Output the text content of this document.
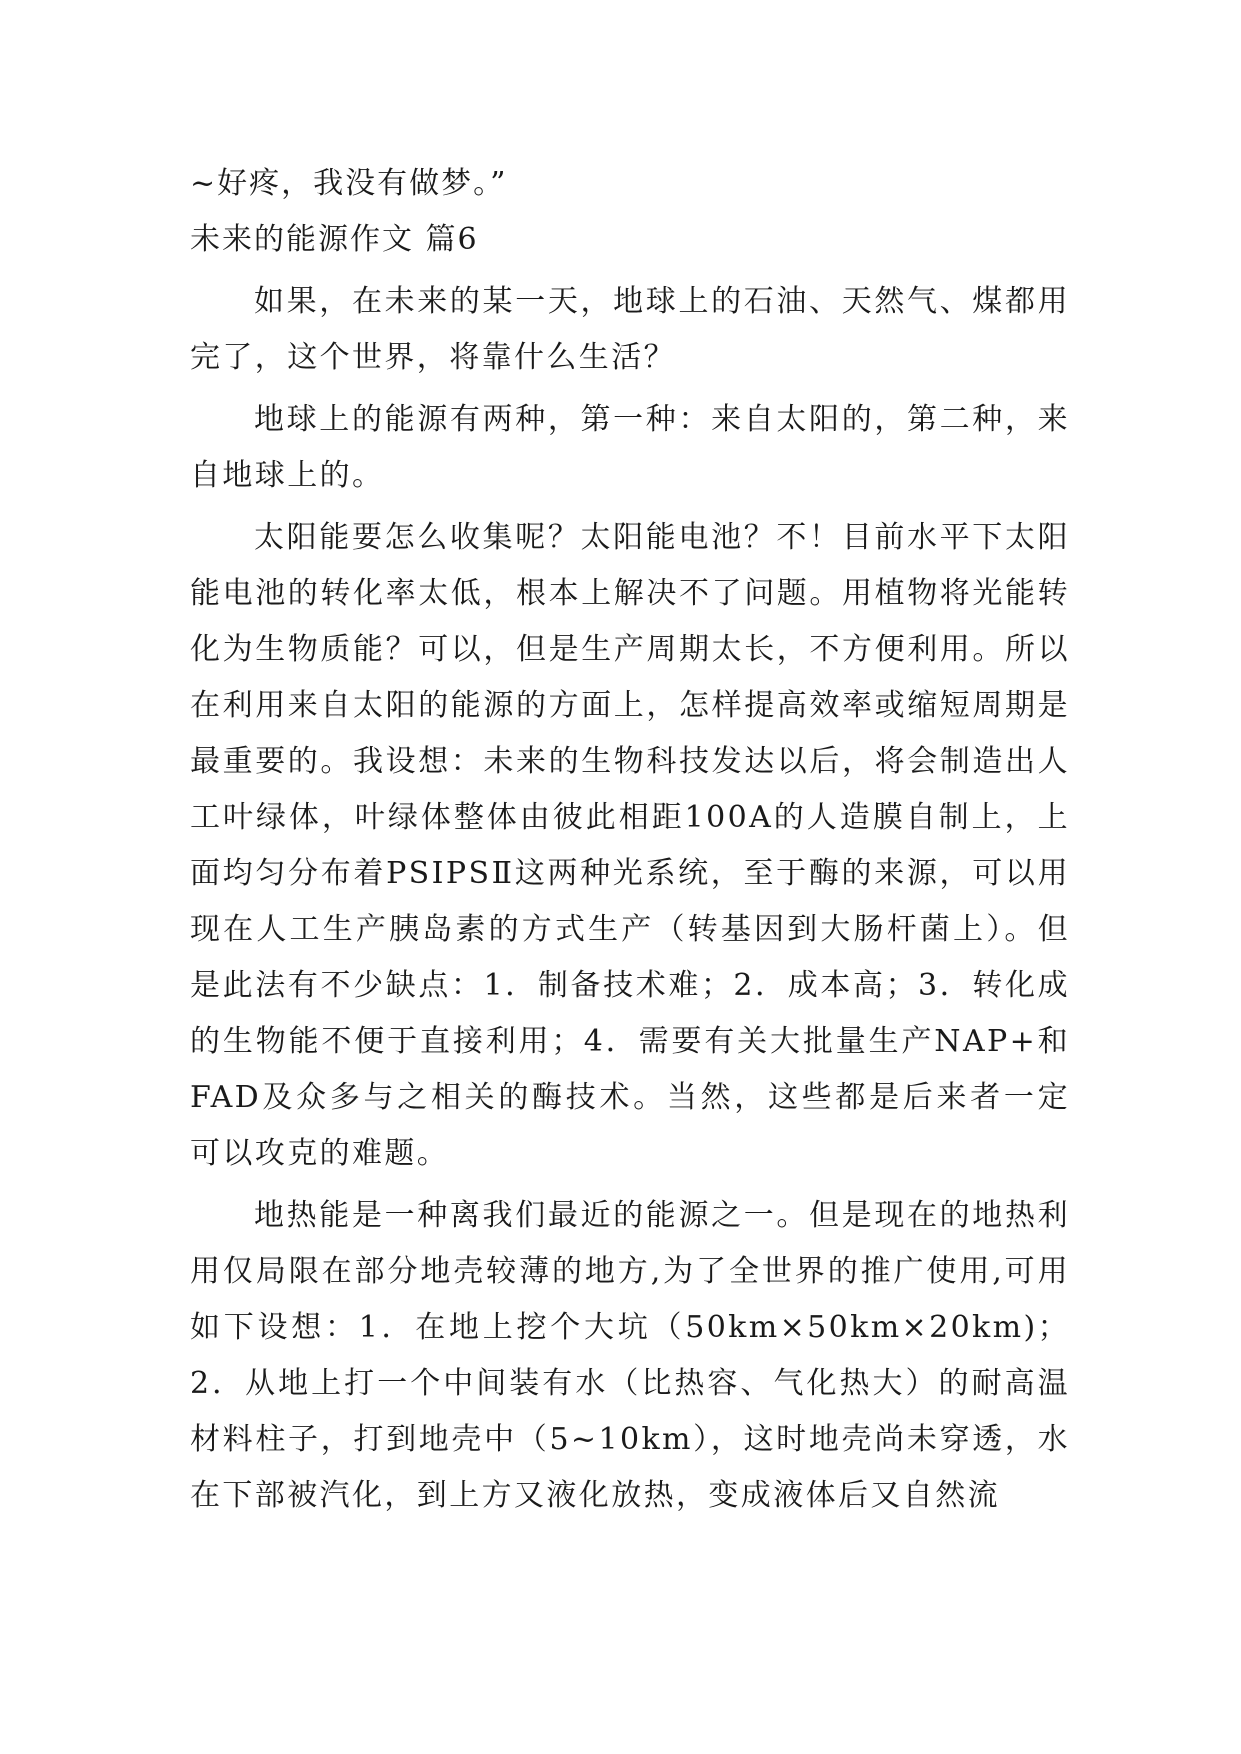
~好疼，我没有做梦。”

未来的能源作文 篇6

如果，在未来的某一天，地球上的石油、天然气、煤都用完了，这个世界，将靠什么生活？

地球上的能源有两种，第一种：来自太阳的，第二种，来自地球上的。

太阳能要怎么收集呢？太阳能电池？不！目前水平下太阳能电池的转化率太低，根本上解决不了问题。用植物将光能转化为生物质能？可以，但是生产周期太长，不方便利用。所以在利用来自太阳的能源的方面上，怎样提高效率或缩短周期是最重要的。我设想：未来的生物科技发达以后，将会制造出人工叶绿体，叶绿体整体由彼此相距100A的人造膜自制上，上面均匀分布着PSIPSⅡ这两种光系统，至于酶的来源，可以用现在人工生产胰岛素的方式生产（转基因到大肠杆菌上）。但是此法有不少缺点：1．制备技术难；2．成本高；3．转化成的生物能不便于直接利用；4．需要有关大批量生产NAP+和FAD及众多与之相关的酶技术。当然，这些都是后来者一定可以攻克的难题。

地热能是一种离我们最近的能源之一。但是现在的地热利用仅局限在部分地壳较薄的地方,为了全世界的推广使用,可用如下设想：1．在地上挖个大坑（50km×50km×20km)；2．从地上打一个中间装有水（比热容、气化热大）的耐高温材料柱子，打到地壳中（5~10km），这时地壳尚未穿透，水在下部被汽化，到上方又液化放热，变成液体后又自然流
